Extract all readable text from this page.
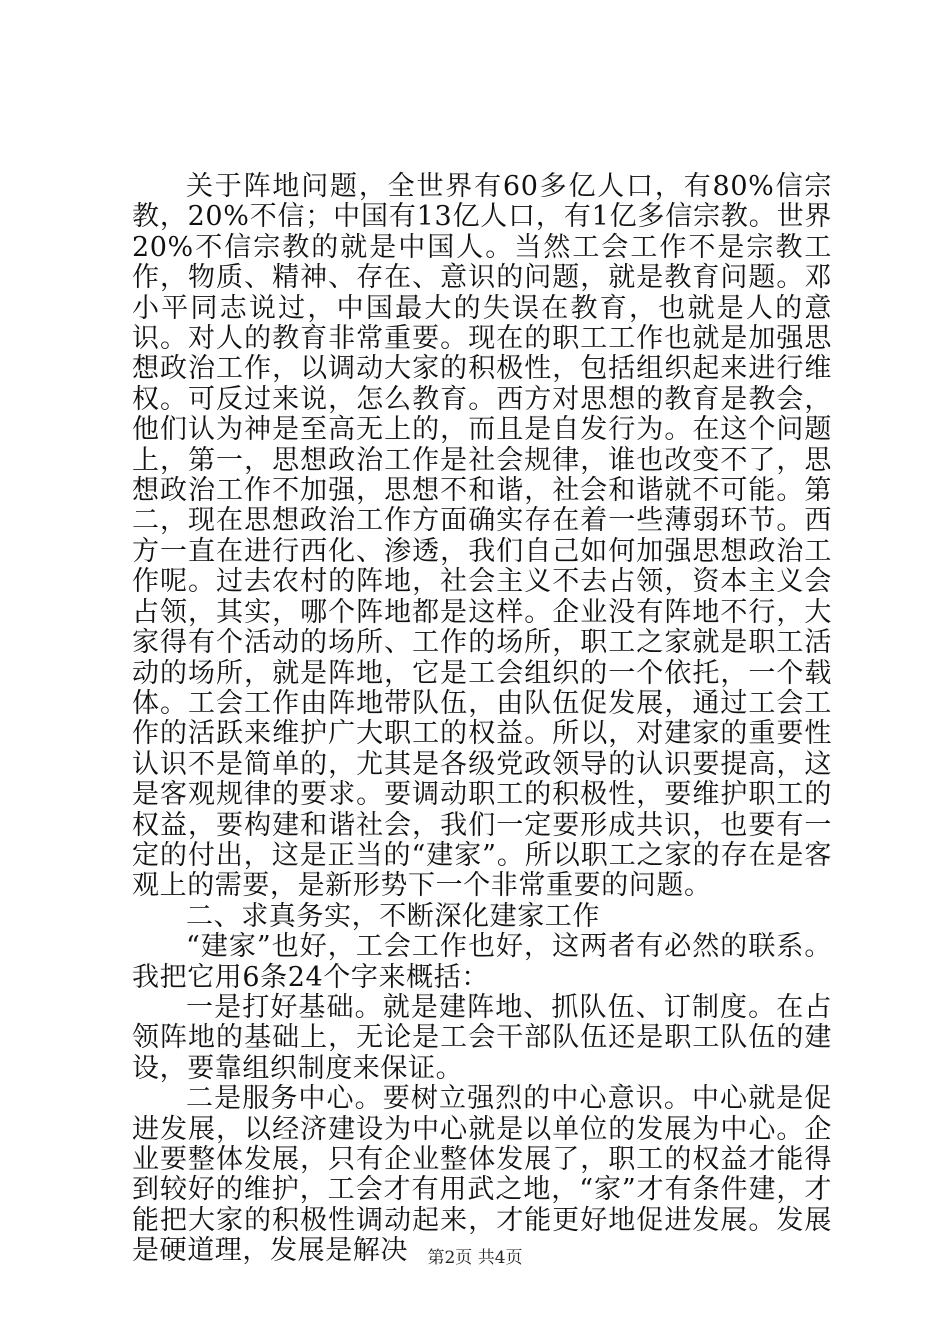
关于阵地问题，全世界有60多亿人口，有80%信宗教，20%不信；中国有13亿人口，有1亿多信宗教。世界20%不信宗教的就是中国人。当然工会工作不是宗教工作，物质、精神、存在、意识的问题，就是教育问题。邓小平同志说过，中国最大的失误在教育，也就是人的意识。对人的教育非常重要。现在的职工工作也就是加强思想政治工作，以调动大家的积极性，包括组织起来进行维权。可反过来说，怎么教育。西方对思想的教育是教会，他们认为神是至高无上的，而且是自发行为。在这个问题上，第一，思想政治工作是社会规律，谁也改变不了，思想政治工作不加强，思想不和谐，社会和谐就不可能。第二，现在思想政治工作方面确实存在着一些薄弱环节。西方一直在进行西化、渗透，我们自己如何加强思想政治工作呢。过去农村的阵地，社会主义不去占领，资本主义会占领，其实，哪个阵地都是这样。企业没有阵地不行，大家得有个活动的场所、工作的场所，职工之家就是职工活动的场所，就是阵地，它是工会组织的一个依托，一个载体。工会工作由阵地带队伍，由队伍促发展，通过工会工作的活跃来维护广大职工的权益。所以，对建家的重要性认识不是简单的，尤其是各级党政领导的认识要提高，这是客观规律的要求。要调动职工的积极性，要维护职工的权益，要构建和谐社会，我们一定要形成共识，也要有一定的付出，这是正当的“建家”。所以职工之家的存在是客观上的需要，是新形势下一个非常重要的问题。

二、求真务实，不断深化建家工作

“建家”也好，工会工作也好，这两者有必然的联系。我把它用6条24个字来概括：

一是打好基础。就是建阵地、抓队伍、订制度。在占领阵地的基础上，无论是工会干部队伍还是职工队伍的建设，要靠组织制度来保证。

二是服务中心。要树立强烈的中心意识。中心就是促进发展，以经济建设为中心就是以单位的发展为中心。企业要整体发展，只有企业整体发展了，职工的权益才能得到较好的维护，工会才有用武之地，“家”才有条件建，才能把大家的积极性调动起来，才能更好地促进发展。发展是硬道理，发展是解决	第2页 共4页
